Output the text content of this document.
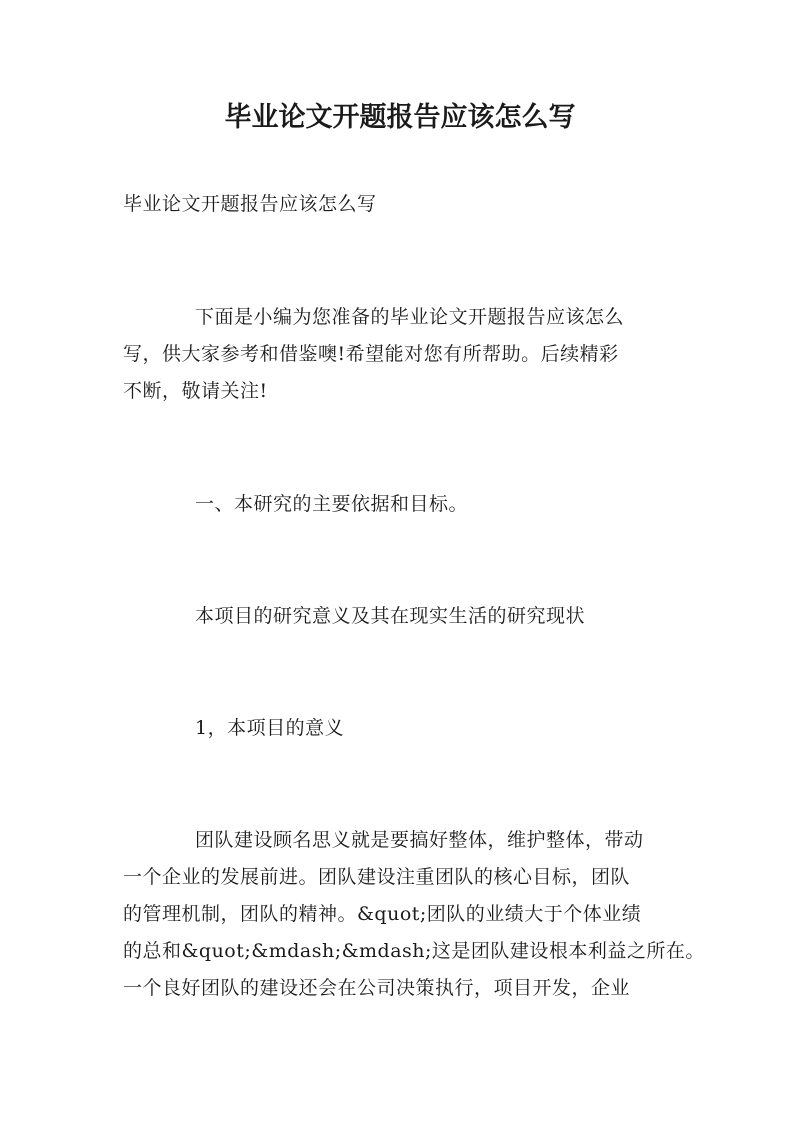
毕业论文开题报告应该怎么写

毕业论文开题报告应该怎么写

下面是小编为您准备的毕业论文开题报告应该怎么
写，供大家参考和借鉴噢!希望能对您有所帮助。后续精彩
不断，敬请关注!

一、本研究的主要依据和目标。

本项目的研究意义及其在现实生活的研究现状

1，本项目的意义

团队建设顾名思义就是要搞好整体，维护整体，带动
一个企业的发展前进。团队建设注重团队的核心目标，团队
的管理机制，团队的精神。&quot;团队的业绩大于个体业绩
的总和&quot;&mdash;&mdash;这是团队建设根本利益之所在。
一个良好团队的建设还会在公司决策执行，项目开发，企业
